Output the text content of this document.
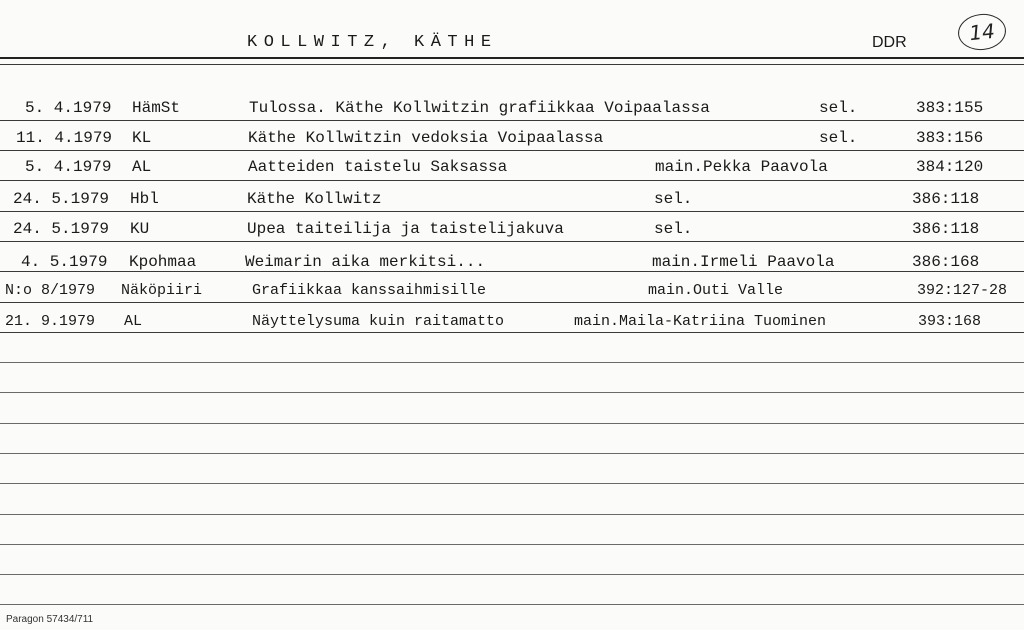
KOLLWITZ, KÄTHE	DDR	14
5. 4.1979 HämSt	Tulossa. Käthe Kollwitzin grafiikkaa Voipaalassa	sel.	383:155
11. 4.1979 KL	Käthe Kollwitzin vedoksia Voipaalassa	sel.	383:156
5. 4.1979 AL	Aatteiden taistelu Saksassa	main.Pekka Paavola	384:120
24. 5.1979 Hbl	Käthe Kollwitz	sel.	386:118
24. 5.1979 KU	Upea taiteilija ja taistelijakuva	sel.	386:118
4. 5.1979 Kpohmaa	Weimarin aika merkitsi...	main.Irmeli Paavola	386:168
N:o 8/1979 Näköpiiri	Grafiikkaa kanssaihmisille	main.Outi Valle	392:127-28
21. 9.1979 AL	Näyttelysuma kuin raitamatto	main.Maila-Katriina Tuominen	393:168
Paragon 57434/711
